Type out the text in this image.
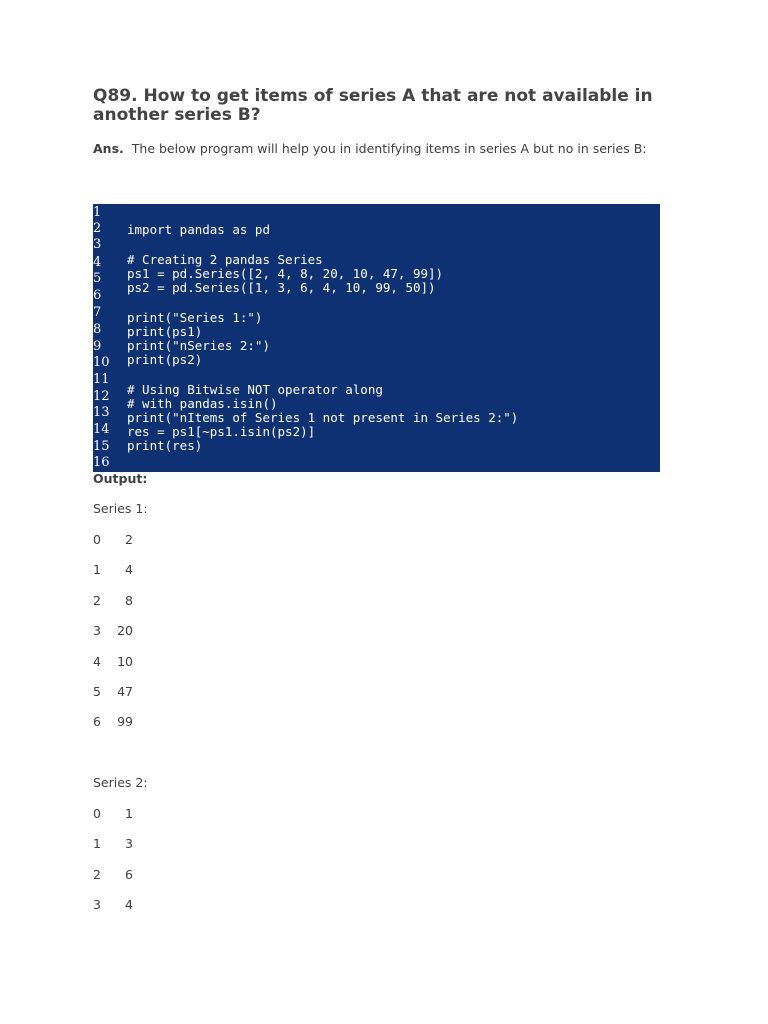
Q89. How to get items of series A that are not available in another series B?

Ans. The below program will help you in identifying items in series A but no in series B:

1
2
3
4
5
6
7
8
9
10
11
12
13
14
15
16
import pandas as pd
# Creating 2 pandas Series
ps1 = pd.Series([2, 4, 8, 20, 10, 47, 99])
ps2 = pd.Series([1, 3, 6, 4, 10, 99, 50])
print("Series 1:")
print(ps1)
print("nSeries 2:")
print(ps2)
# Using Bitwise NOT operator along
# with pandas.isin()
print("nItems of Series 1 not present in Series 2:")
res = ps1[~ps1.isin(ps2)]
print(res)
Output:
Series 1:
0 2
1 4
2 8
3 20
4 10
5 47
6 99
Series 2:
0 1
1 3
2 6
3 4
